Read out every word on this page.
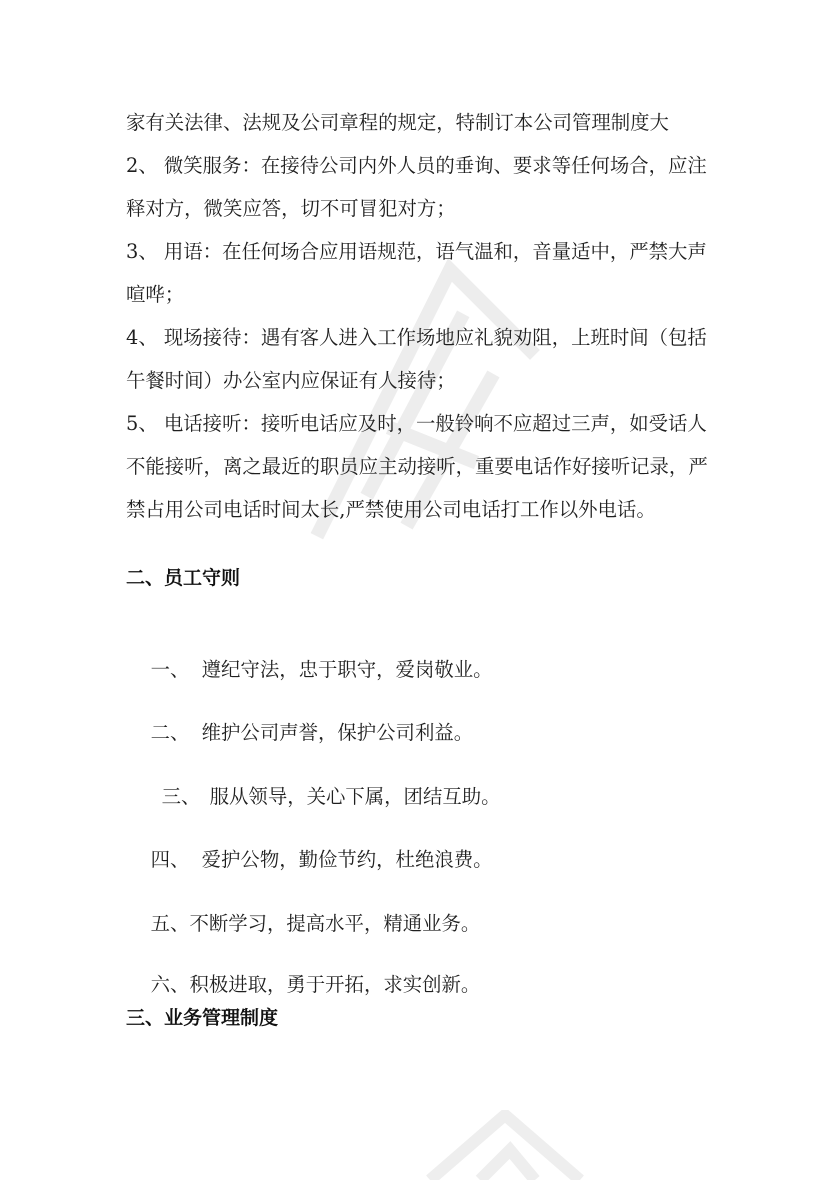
家有关法律、法规及公司章程的规定，特制订本公司管理制度大
2、 微笑服务：在接待公司内外人员的垂询、要求等任何场合，应注
释对方，微笑应答，切不可冒犯对方；
3、 用语：在任何场合应用语规范，语气温和，音量适中，严禁大声
喧哗；
4、 现场接待：遇有客人进入工作场地应礼貌劝阻，上班时间（包括
午餐时间）办公室内应保证有人接待；
5、 电话接听：接听电话应及时，一般铃响不应超过三声，如受话人
不能接听，离之最近的职员应主动接听，重要电话作好接听记录，严
禁占用公司电话时间太长,严禁使用公司电话打工作以外电话。
二、员工守则

一、 遵纪守法，忠于职守，爱岗敬业。

二、 维护公司声誉，保护公司利益。

三、 服从领导，关心下属，团结互助。

四、 爱护公物，勤俭节约，杜绝浪费。

五、不断学习，提高水平，精通业务。

六、积极进取，勇于开拓，求实创新。

三、业务管理制度
